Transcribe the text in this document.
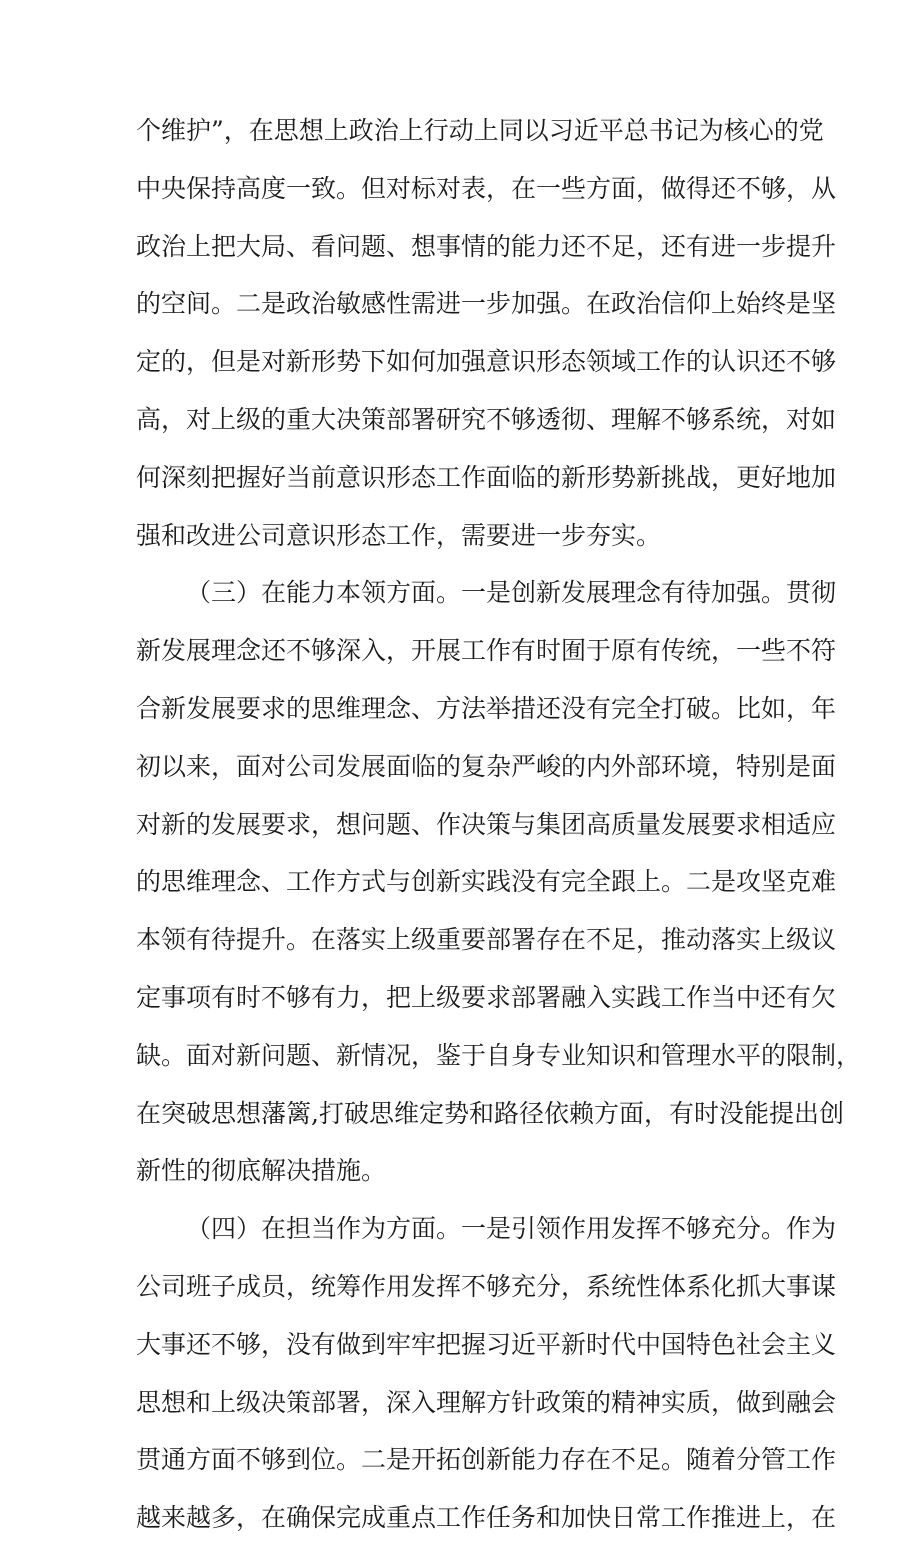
个维护”，在思想上政治上行动上同以习近平总书记为核心的党
中央保持高度一致。但对标对表，在一些方面，做得还不够，从
政治上把大局、看问题、想事情的能力还不足，还有进一步提升
的空间。二是政治敏感性需进一步加强。在政治信仰上始终是坚
定的，但是对新形势下如何加强意识形态领域工作的认识还不够
高，对上级的重大决策部署研究不够透彻、理解不够系统，对如
何深刻把握好当前意识形态工作面临的新形势新挑战，更好地加
强和改进公司意识形态工作，需要进一步夯实。
（三）在能力本领方面。一是创新发展理念有待加强。贯彻
新发展理念还不够深入，开展工作有时囿于原有传统，一些不符
合新发展要求的思维理念、方法举措还没有完全打破。比如，年
初以来，面对公司发展面临的复杂严峻的内外部环境，特别是面
对新的发展要求，想问题、作决策与集团高质量发展要求相适应
的思维理念、工作方式与创新实践没有完全跟上。二是攻坚克难
本领有待提升。在落实上级重要部署存在不足，推动落实上级议
定事项有时不够有力，把上级要求部署融入实践工作当中还有欠
缺。面对新问题、新情况，鉴于自身专业知识和管理水平的限制，
在突破思想藩篱,打破思维定势和路径依赖方面，有时没能提出创
新性的彻底解决措施。
（四）在担当作为方面。一是引领作用发挥不够充分。作为
公司班子成员，统筹作用发挥不够充分，系统性体系化抓大事谋
大事还不够，没有做到牢牢把握习近平新时代中国特色社会主义
思想和上级决策部署，深入理解方针政策的精神实质，做到融会
贯通方面不够到位。二是开拓创新能力存在不足。随着分管工作
越来越多，在确保完成重点工作任务和加快日常工作推进上，在
